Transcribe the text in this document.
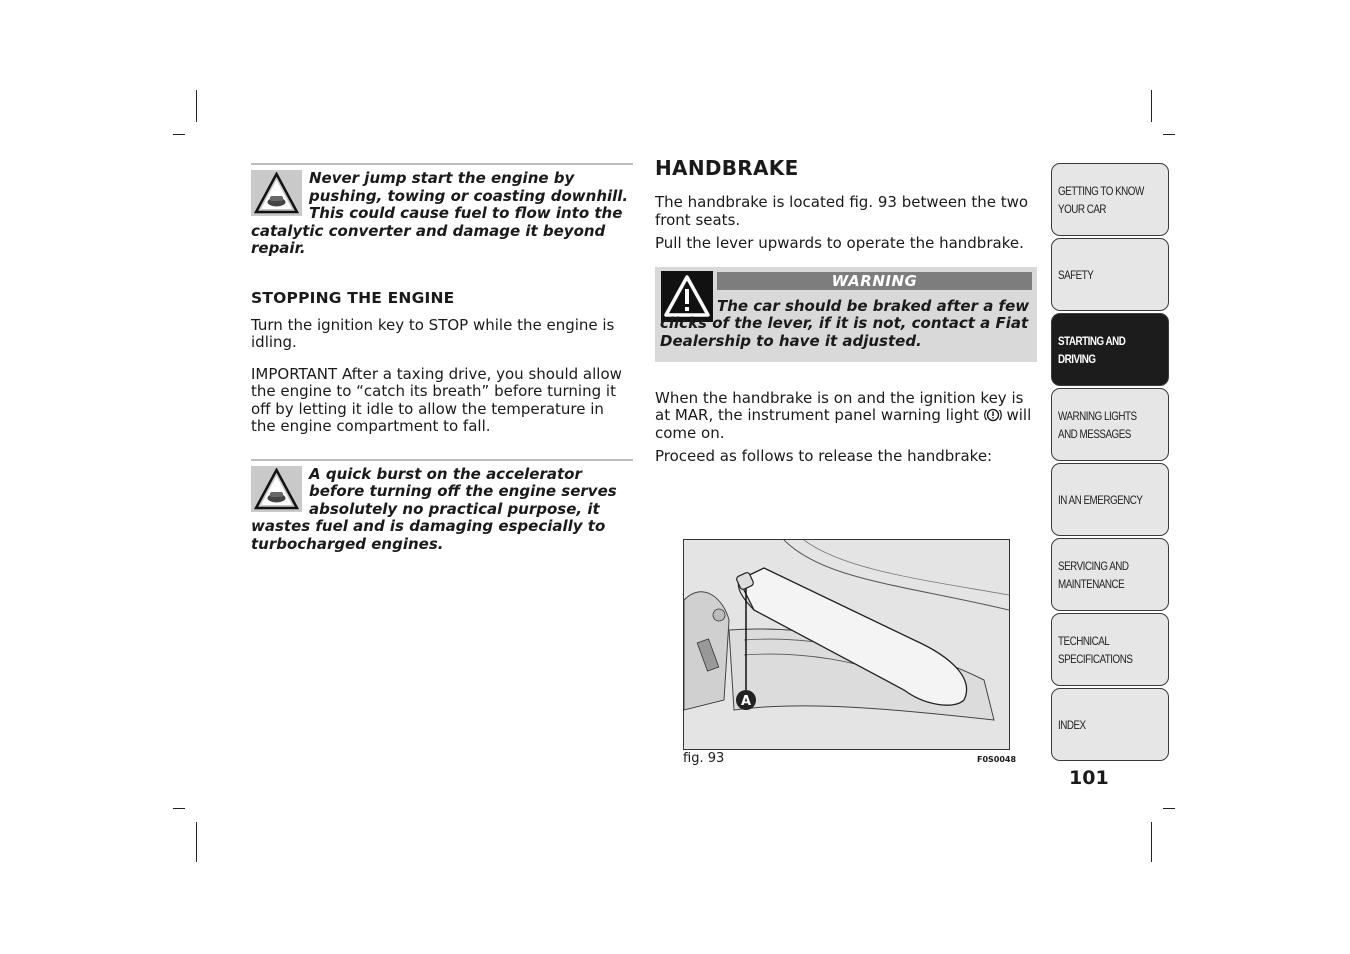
Never jump start the engine by pushing, towing or coasting downhill. This could cause fuel to flow into the catalytic converter and damage it beyond repair.
STOPPING THE ENGINE

Turn the ignition key to STOP while the engine is idling.

IMPORTANT After a taxing drive, you should allow the engine to “catch its breath” before turning it off by letting it idle to allow the temperature in the engine compartment to fall.

A quick burst on the accelerator before turning off the engine serves absolutely no practical purpose, it wastes fuel and is damaging especially to turbocharged engines.
HANDBRAKE

The handbrake is located fig. 93 between the two front seats.

Pull the lever upwards to operate the handbrake.

WARNING
The car should be braked after a few clicks of the lever, if it is not, contact a Fiat Dealership to have it adjusted.

When the handbrake is on and the ignition key is at MAR, the instrument panel warning light will come on.

Proceed as follows to release the handbrake:

A
fig. 93	F0S0048
GETTING TO KNOW
YOUR CAR
SAFETY
STARTING AND
DRIVING
WARNING LIGHTS
AND MESSAGES
IN AN EMERGENCY
SERVICING AND
MAINTENANCE
TECHNICAL
SPECIFICATIONS
INDEX
101
